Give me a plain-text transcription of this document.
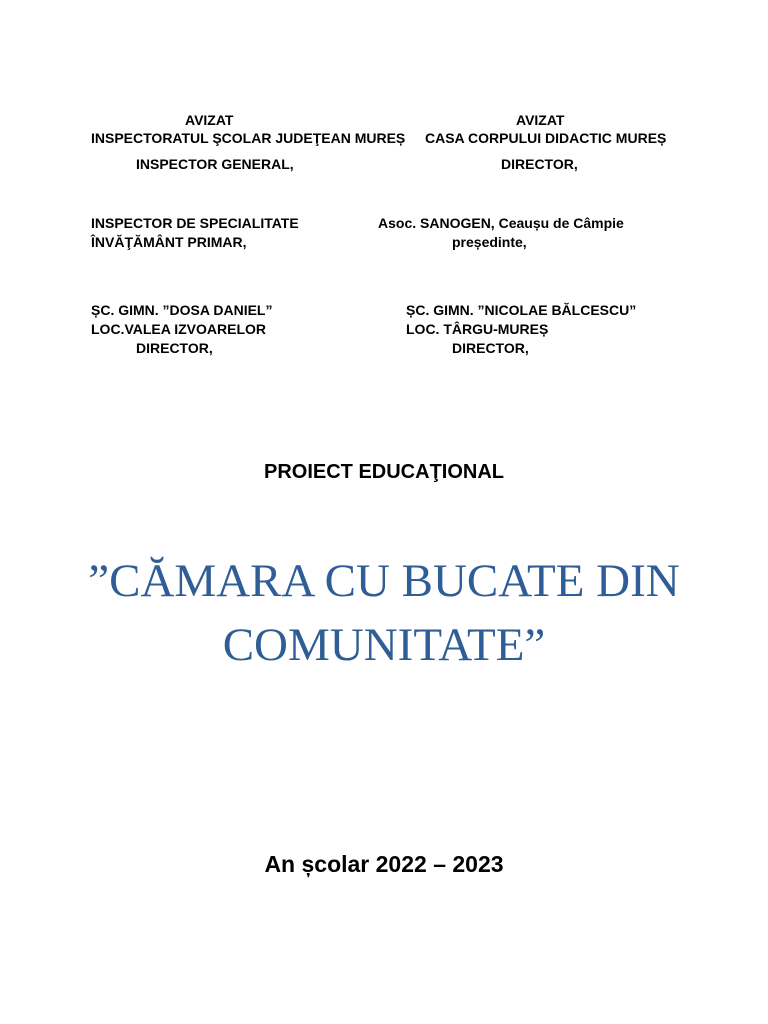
AVIZAT	AVIZAT
INSPECTORATUL ŞCOLAR JUDEŢEAN MUREȘ CASA CORPULUI DIDACTIC MUREȘ
INSPECTOR GENERAL,	DIRECTOR,
INSPECTOR DE SPECIALITATE
ÎNVĂŢĂMÂNT PRIMAR,
Asoc. SANOGEN, Ceaușu de Câmpie
președinte,
ȘC. GIMN. ”DOSA DANIEL”
LOC.VALEA IZVOARELOR
DIRECTOR,
ȘC. GIMN. ”NICOLAE BĂLCESCU”
LOC. TÂRGU-MUREȘ
DIRECTOR,
PROIECT EDUCAŢIONAL
”CĂMARA CU BUCATE DIN
COMUNITATE”
An școlar 2022 – 2023
